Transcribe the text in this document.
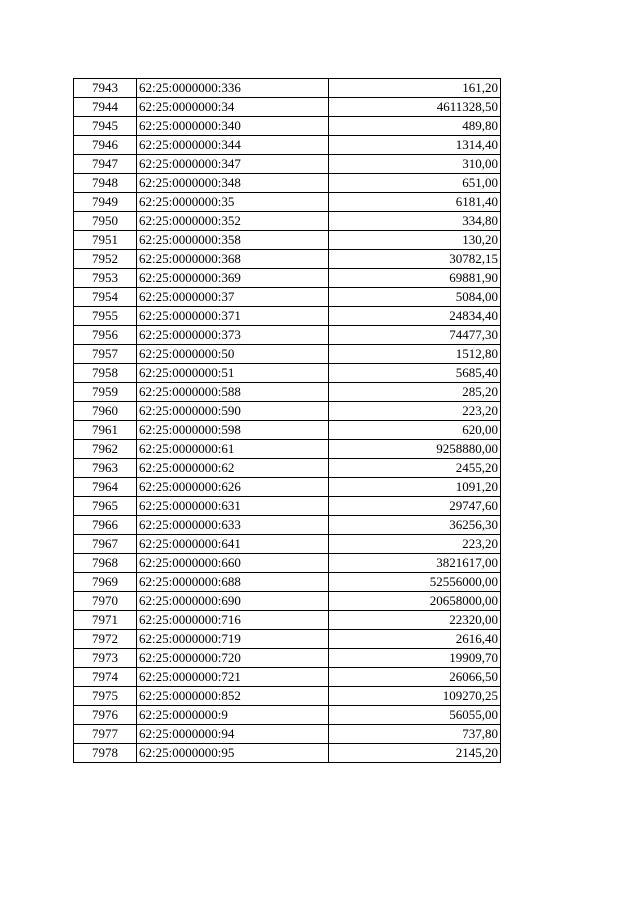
7943	62:25:0000000:336	161,20
7944	62:25:0000000:34	4611328,50
7945	62:25:0000000:340	489,80
7946	62:25:0000000:344	1314,40
7947	62:25:0000000:347	310,00
7948	62:25:0000000:348	651,00
7949	62:25:0000000:35	6181,40
7950	62:25:0000000:352	334,80
7951	62:25:0000000:358	130,20
7952	62:25:0000000:368	30782,15
7953	62:25:0000000:369	69881,90
7954	62:25:0000000:37	5084,00
7955	62:25:0000000:371	24834,40
7956	62:25:0000000:373	74477,30
7957	62:25:0000000:50	1512,80
7958	62:25:0000000:51	5685,40
7959	62:25:0000000:588	285,20
7960	62:25:0000000:590	223,20
7961	62:25:0000000:598	620,00
7962	62:25:0000000:61	9258880,00
7963	62:25:0000000:62	2455,20
7964	62:25:0000000:626	1091,20
7965	62:25:0000000:631	29747,60
7966	62:25:0000000:633	36256,30
7967	62:25:0000000:641	223,20
7968	62:25:0000000:660	3821617,00
7969	62:25:0000000:688	52556000,00
7970	62:25:0000000:690	20658000,00
7971	62:25:0000000:716	22320,00
7972	62:25:0000000:719	2616,40
7973	62:25:0000000:720	19909,70
7974	62:25:0000000:721	26066,50
7975	62:25:0000000:852	109270,25
7976	62:25:0000000:9	56055,00
7977	62:25:0000000:94	737,80
7978	62:25:0000000:95	2145,20
